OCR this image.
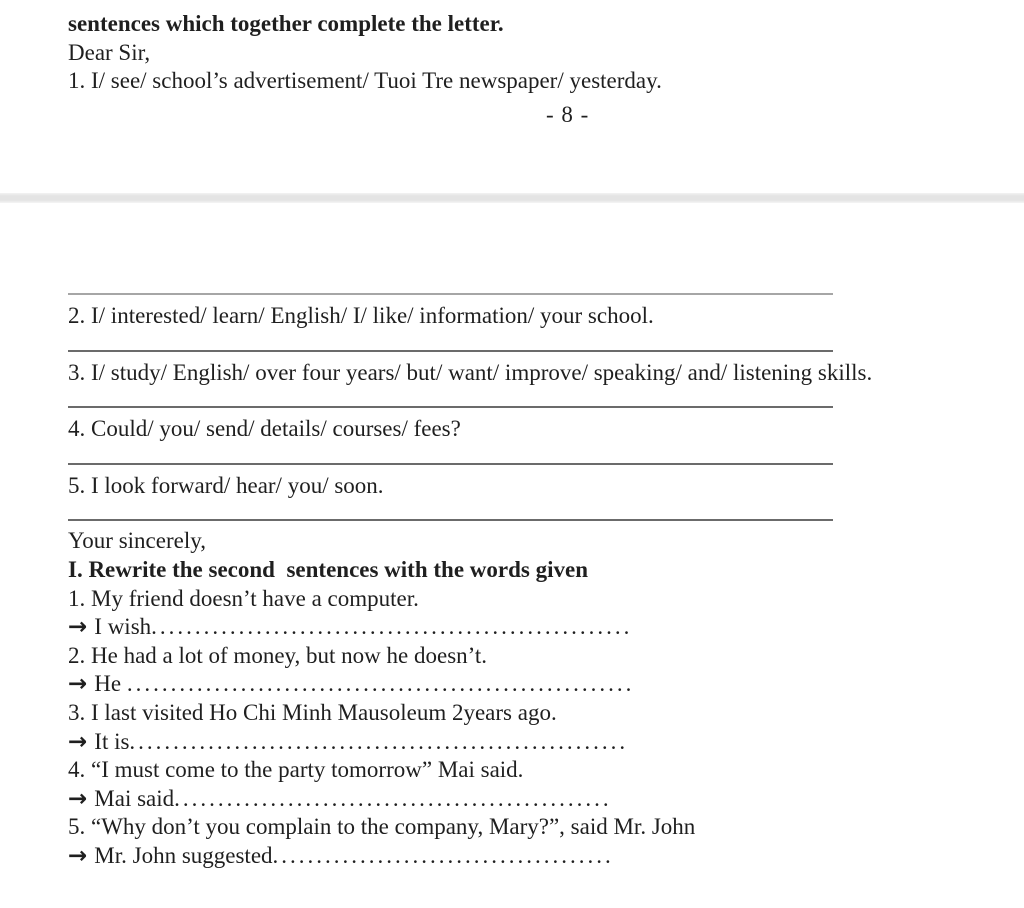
sentences which together complete the letter.

Dear Sir,

1. I/ see/ school’s advertisement/ Tuoi Tre newspaper/ yesterday.

- 8 -

2. I/ interested/ learn/ English/ I/ like/ information/ your school.

3. I/ study/ English/ over four years/ but/ want/ improve/ speaking/ and/ listening skills.

4. Could/ you/ send/ details/ courses/ fees?

5. I look forward/ hear/ you/ soon.

Your sincerely,

I. Rewrite the second  sentences with the words given

1. My friend doesn’t have a computer.

→ I wish.......................................................

2. He had a lot of money, but now he doesn’t.

→ He ..........................................................

3. I last visited Ho Chi Minh Mausoleum 2years ago.

→ It is.........................................................

4. “I must come to the party tomorrow” Mai said.

→ Mai said..................................................

5. “Why don’t you complain to the company, Mary?”, said Mr. John

→ Mr. John suggested.......................................
